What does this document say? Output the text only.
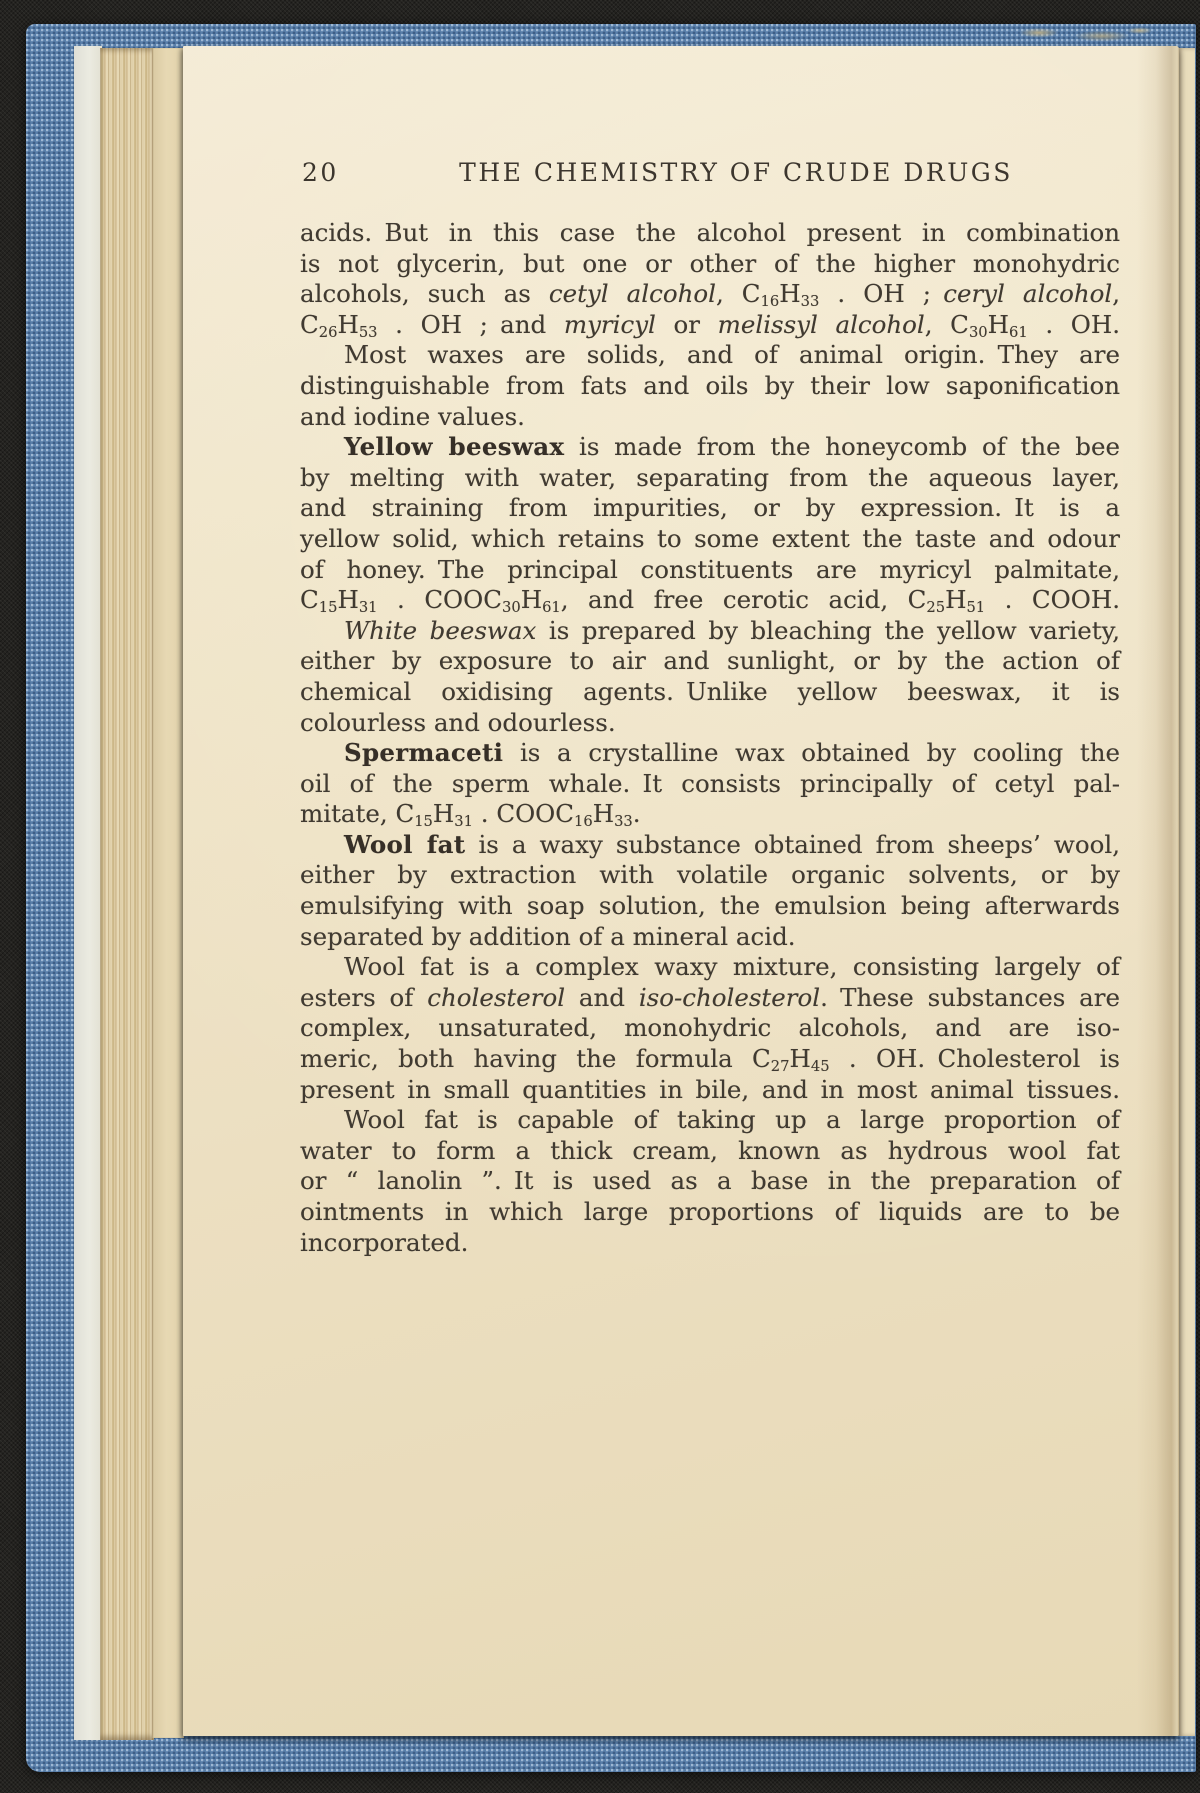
20	THE CHEMISTRY OF CRUDE DRUGS
acids. But in this case the alcohol present in combination
is not glycerin, but one or other of the higher monohydric
alcohols, such as cetyl alcohol, $C_{16}H_{33}$ . OH ; ceryl alcohol,
$C_{26}H_{53}$ . OH ; and myricyl or melissyl alcohol, $C_{30}H_{61}$ . OH.
Most waxes are solids, and of animal origin. They are
distinguishable from fats and oils by their low saponification
and iodine values.
Yellow beeswax is made from the honeycomb of the bee
by melting with water, separating from the aqueous layer,
and straining from impurities, or by expression. It is a
yellow solid, which retains to some extent the taste and odour
of honey. The principal constituents are myricyl palmitate,
$C_{15}H_{31}$ . $COOC_{30}H_{61}$, and free cerotic acid, $C_{25}H_{51}$ . COOH.
White beeswax is prepared by bleaching the yellow variety,
either by exposure to air and sunlight, or by the action of
chemical oxidising agents. Unlike yellow beeswax, it is
colourless and odourless.
Spermaceti is a crystalline wax obtained by cooling the
oil of the sperm whale. It consists principally of cetyl pal-
mitate, $C_{15}H_{31}$ . $COOC_{16}H_{33}$.
Wool fat is a waxy substance obtained from sheeps’ wool,
either by extraction with volatile organic solvents, or by
emulsifying with soap solution, the emulsion being afterwards
separated by addition of a mineral acid.
Wool fat is a complex waxy mixture, consisting largely of
esters of cholesterol and iso-cholesterol. These substances are
complex, unsaturated, monohydric alcohols, and are iso-
meric, both having the formula $C_{27}H_{45}$ . OH. Cholesterol is
present in small quantities in bile, and in most animal tissues.
Wool fat is capable of taking up a large proportion of
water to form a thick cream, known as hydrous wool fat
or “ lanolin ”. It is used as a base in the preparation of
ointments in which large proportions of liquids are to be
incorporated.
